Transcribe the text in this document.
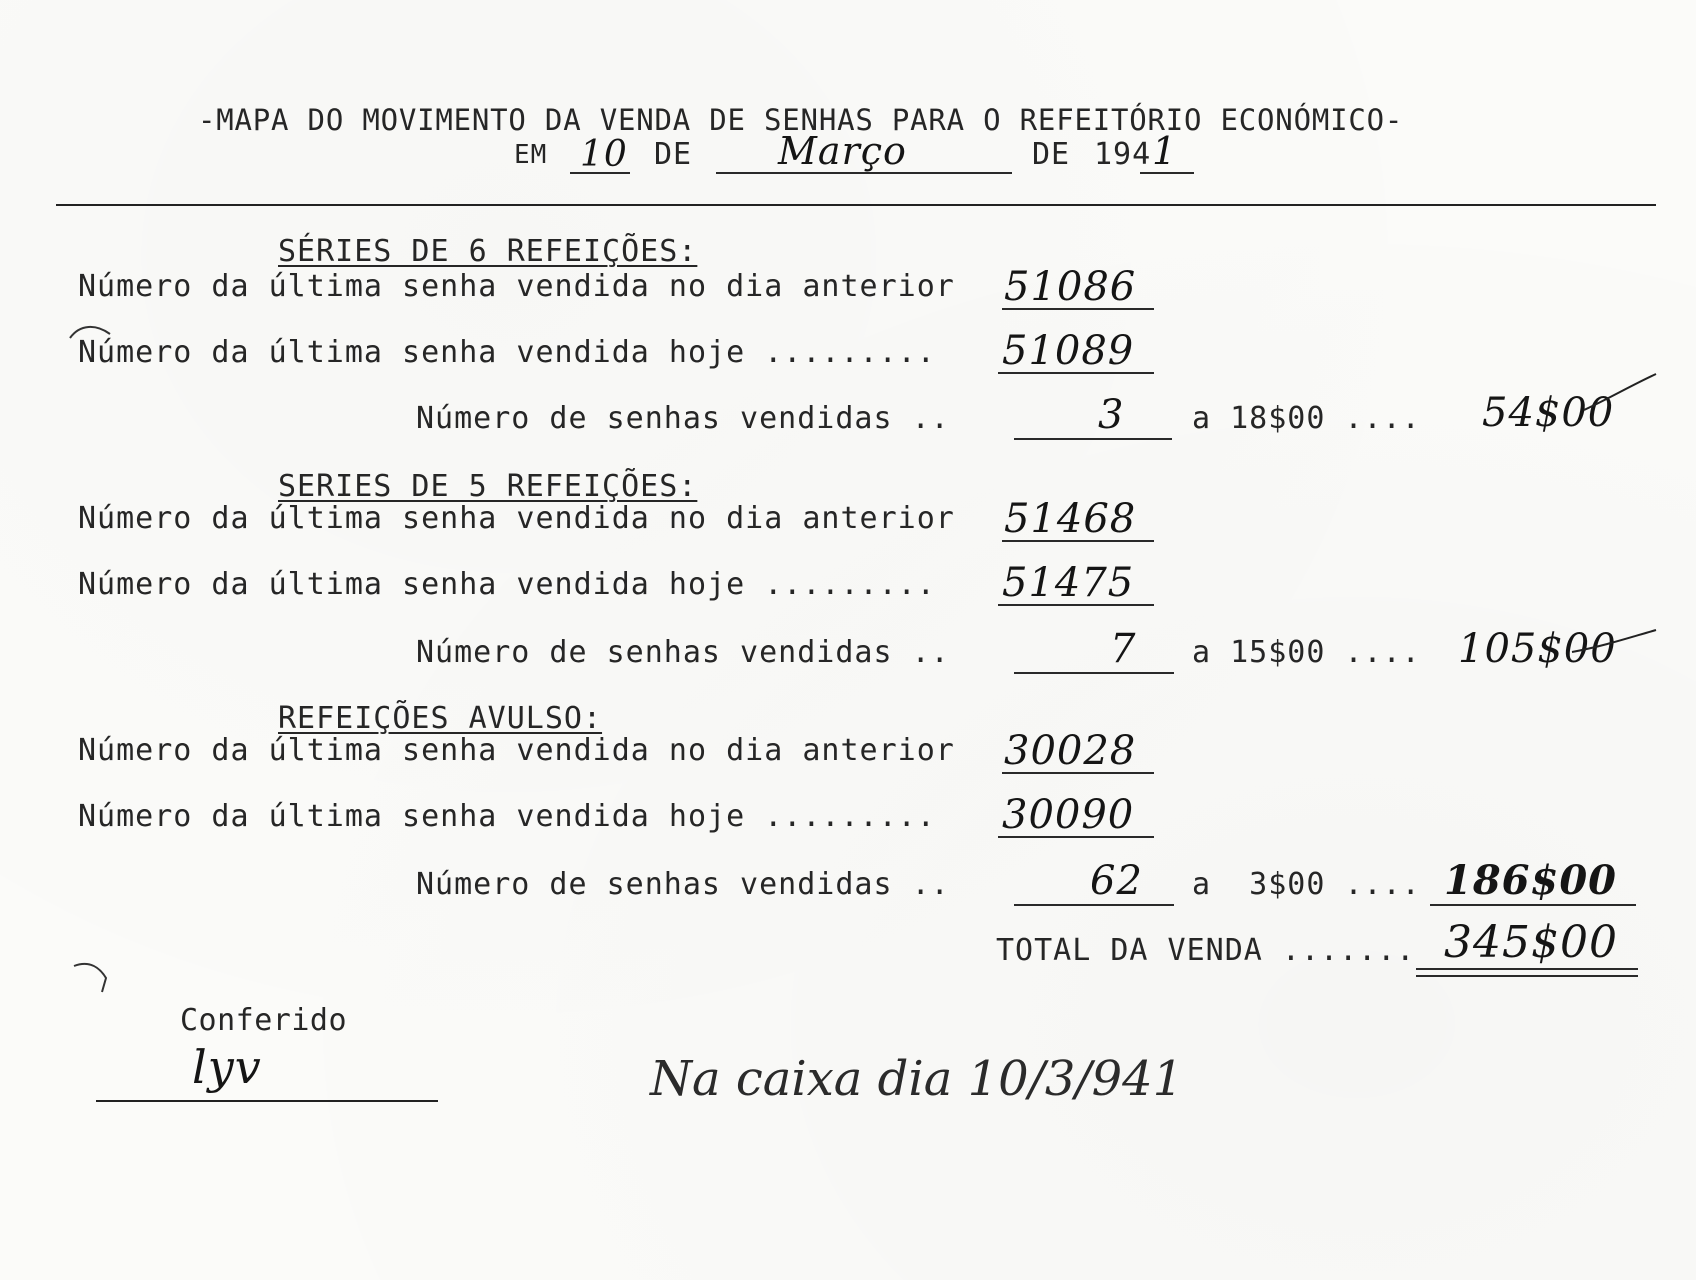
-MAPA DO MOVIMENTO DA VENDA DE SENHAS PARA O REFEITÓRIO ECONÓMICO-
EM 10 DE Março	DE 194 1
SÉRIES DE 6 REFEIÇÕES:
Número da última senha vendida no dia anterior 51086
Número da última senha vendida hoje ......... 51089
Número de senhas vendidas ..	3 a 18$00 .... 54$00
SERIES DE 5 REFEIÇÕES:
Número da última senha vendida no dia anterior 51468
Número da última senha vendida hoje ......... 51475
Número de senhas vendidas ..	7 a 15$00 .... 105$00
REFEIÇÕES AVULSO:
Número da última senha vendida no dia anterior 30028
Número da última senha vendida hoje ......... 30090
Número de senhas vendidas ..	62 a  3$00 .... 186$00
TOTAL DA VENDA ....... 345$00
Conferido
lyv	Na caixa dia 10/3/941
